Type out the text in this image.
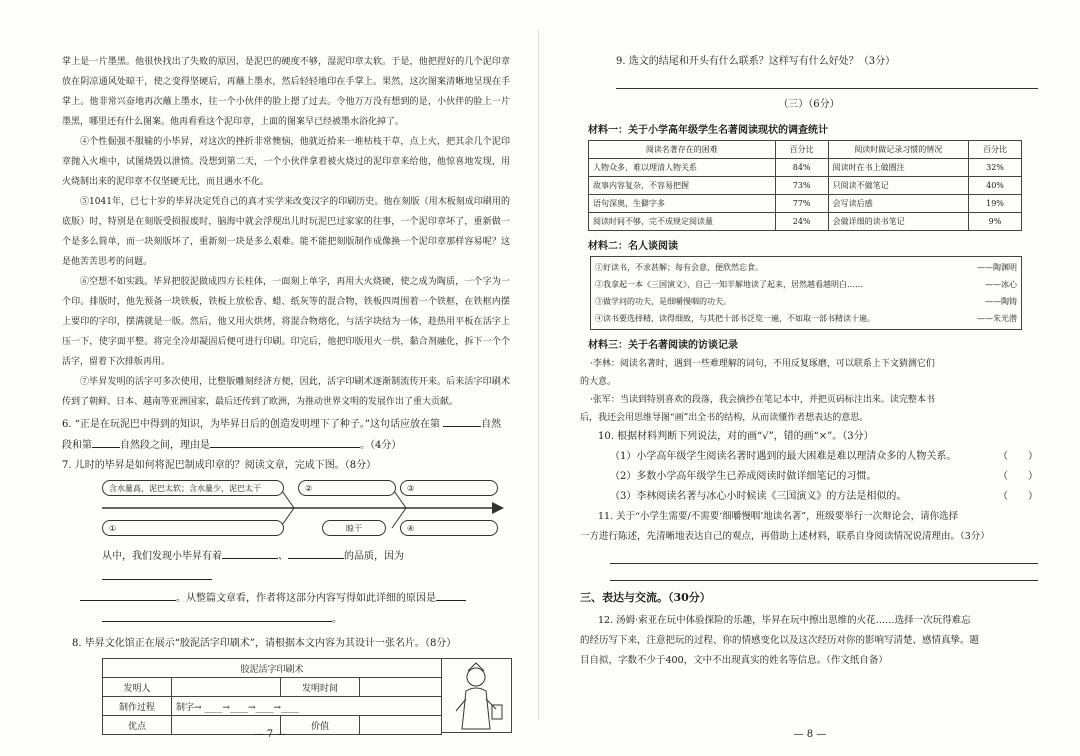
掌上是一片墨黑。他很快找出了失败的原因，是泥巴的硬度不够，湿泥印章太软。于是，他把捏好的几个泥印章放在阴凉通风处晾干，使之变得坚硬后，再蘸上墨水，然后轻轻地印在手掌上。果然，这次图案清晰地呈现在手掌上。他非常兴奋地再次蘸上墨水，往一个小伙伴的脸上摁了过去。令他万万没有想到的是，小伙伴的脸上一片墨黑，哪里还有什么图案。他再看看这个泥印章，上面的图案早已经被墨水浴化掉了。

④个性倔强不服输的小毕昇，对这次的挫折非常懊恼，他就近拾来一堆枯枝干草，点上火，把其余几个泥印章抛入火堆中，试图烧毁以泄愤。没想到第二天，一个小伙伴拿着被火烧过的泥印章来给他，他惊喜地发现，用火烧制出来的泥印章不仅坚硬无比，而且遇水不化。

⑤1041年，已七十岁的毕昇决定凭自己的真才实学来改变汉字的印刷历史。他在刻版（用木板刻成印刷用的底版）时，特别是在刻版受损报废时，脑海中就会浮现出儿时玩泥巴过家家的往事，一个泥印章坏了，重新做一个是多么简单，而一块刻版坏了，重新刻一块是多么艰难。能不能把刻版制作成像换一个泥印章那样容易呢？这是他苦苦思考的问题。

⑥空想不如实践。毕昇把胶泥做成四方长柱体，一面刻上单字，再用大火烧硬，使之成为陶质，一个字为一个印。排版时，他先预备一块铁板，铁板上放松香、蜡、纸灰等的混合物，铁板四周围着一个铁框，在铁框内摆上要印的字印，摆满就是一版。然后，他又用火烘烤，将混合物熔化，与活字块结为一体，趁热用平板在活字上压一下，使字面平整。将完全冷却凝固后便可进行印刷。印完后，他把印版用火一烘，黏合剂融化，拆下一个个活字，留着下次排版再用。

⑦毕昇发明的活字可多次使用，比整版雕刻经济方便，因此，活字印刷术逐渐制流传开来。后来活字印刷术传到了朝鲜、日本、越南等亚洲国家，最后还传到了欧洲，为推动世界文明的发展作出了重大贡献。

6. “正是在玩泥巴中得到的知识，为毕昇日后的创造发明埋下了种子。”这句话应放在第	自然段和第	自然段之间，理由是	。（4分）

7. 儿时的毕昇是如何将泥巴制成印章的？阅读文章，完成下图。（8分）

含水量高，泥巴太软；含水量少，泥巴太干	②	③
①	晾干	④

从中，我们发现小毕昇有着	、	的品质，因为

。从整篇文章看，作者将这部分内容写得如此详细的原因是

。

8. 毕昇文化馆正在展示“胶泥活字印刷术”，请根据本文内容为其设计一张名片。（8分）

胶泥活字印刷术			
发明人		发明时间	
制作过程	制字→ ____→____→____→____		
优点		价值	
— 7 —

9. 选文的结尾和开头有什么联系？这样写有什么好处？（3分）

（三）（6分）

材料一：关于小学高年级学生名著阅读现状的调查统计

阅读名著存在的困难	百分比	阅读时做记录习惯的情况	百分比
人物众多，难以理清人物关系	84%	阅读时在书上做圈注	32%
故事内容复杂，不容易把握	73%	只阅读不做笔记	40%
语句深奥，生僻字多	77%	会写读后感	19%
阅读时间不够，完不成规定阅读量	24%	会做详细的读书笔记	9%

材料二：名人谈阅读

①好读书，不求甚解；每有会意，便欣然忘食。	——陶渊明
②我拿起一本《三国演义》，自己一知半解地读了起来，居然越看越明白……	——冰心
③做学问的功夫，是细嚼慢咽的功夫。	——陶铸
④读书要选择精，读得细致，与其把十部书泛览一遍，不如取一部书精读十遍。	——朱光潜

材料三：关于名著阅读的访谈记录

·李林：阅读名著时，遇到一些难理解的词句，不用反复琢磨，可以联系上下文猜测它们

的大意。

·张军：当读到特别喜欢的段落，我会摘抄在笔记本中，并把页码标注出来。读完整本书

后，我还会用思维导图“画”出全书的结构，从而读懂作者想表达的意思。

10. 根据材料判断下列说法，对的画“√”，错的画“×”。（3分）

（1）小学高年级学生阅读名著时遇到的最大困难是难以理清众多的人物关系。	（　　）

（2）多数小学高年级学生已养成阅读时做详细笔记的习惯。	（　　）

（3）李林阅读名著与冰心小时候读《三国演义》的方法是相似的。	（　　）

11. 关于“小学生需要/不需要‘细嚼慢咽’地读名著”，班级要举行一次辩论会，请你选择

一方进行陈述，先清晰地表达自己的观点，再借助上述材料，联系自身阅读情况说清理由。（3分）

三、表达与交流。（30分）

12. 汤姆·索亚在玩中体验探险的乐趣，毕昇在玩中擦出思维的火花……选择一次玩得难忘

的经历写下来，注意把玩的过程、你的情感变化以及这次经历对你的影响写清楚、感情真挚。题

目自拟，字数不少于400，文中不出现真实的姓名等信息。（作文纸自备）

— 8 —
